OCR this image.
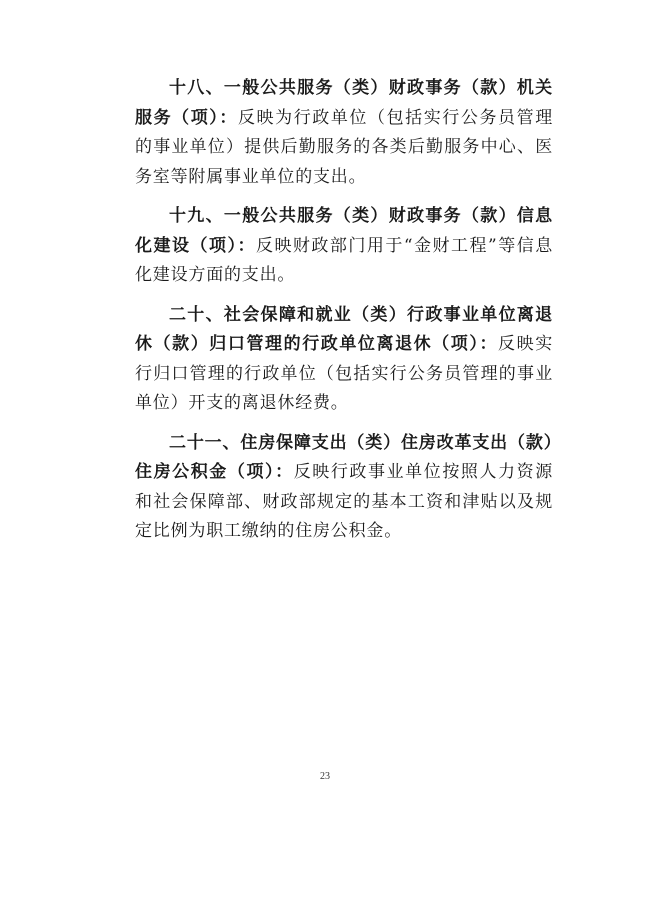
十八、一般公共服务（类）财政事务（款）机关服务（项）：反映为行政单位（包括实行公务员管理的事业单位）提供后勤服务的各类后勤服务中心、医务室等附属事业单位的支出。

十九、一般公共服务（类）财政事务（款）信息化建设（项）：反映财政部门用于“金财工程”等信息化建设方面的支出。

二十、社会保障和就业（类）行政事业单位离退休（款）归口管理的行政单位离退休（项）：反映实行归口管理的行政单位（包括实行公务员管理的事业单位）开支的离退休经费。

二十一、住房保障支出（类）住房改革支出（款）住房公积金（项）：反映行政事业单位按照人力资源和社会保障部、财政部规定的基本工资和津贴以及规定比例为职工缴纳的住房公积金。

23
